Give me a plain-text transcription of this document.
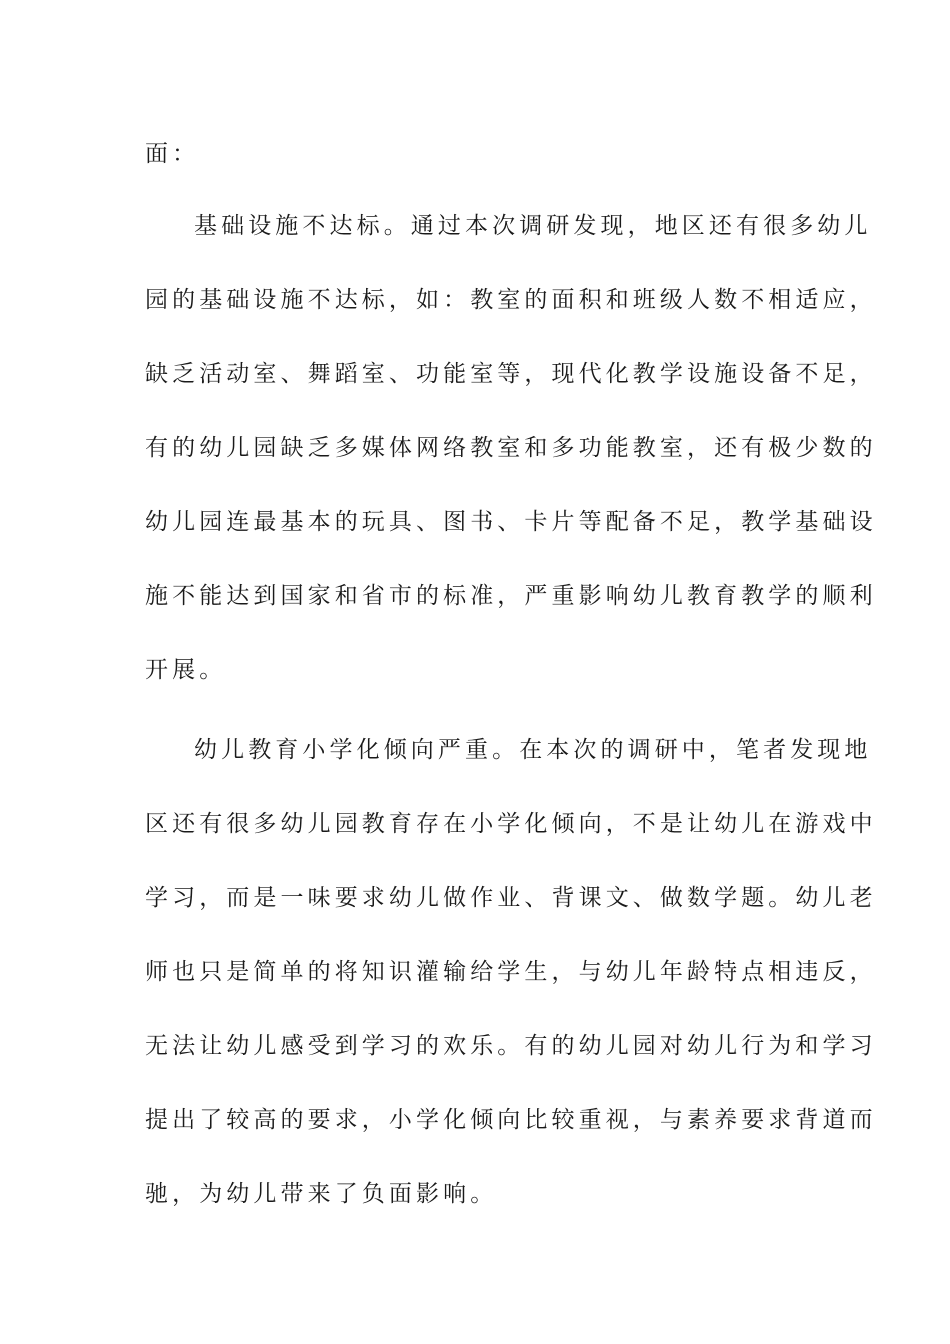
面：
基础设施不达标。通过本次调研发现，地区还有很多幼儿
园的基础设施不达标，如：教室的面积和班级人数不相适应，
缺乏活动室、舞蹈室、功能室等，现代化教学设施设备不足，
有的幼儿园缺乏多媒体网络教室和多功能教室，还有极少数的
幼儿园连最基本的玩具、图书、卡片等配备不足，教学基础设
施不能达到国家和省市的标准，严重影响幼儿教育教学的顺利
开展。
幼儿教育小学化倾向严重。在本次的调研中，笔者发现地
区还有很多幼儿园教育存在小学化倾向，不是让幼儿在游戏中
学习，而是一味要求幼儿做作业、背课文、做数学题。幼儿老
师也只是简单的将知识灌输给学生，与幼儿年龄特点相违反，
无法让幼儿感受到学习的欢乐。有的幼儿园对幼儿行为和学习
提出了较高的要求，小学化倾向比较重视，与素养要求背道而
驰，为幼儿带来了负面影响。
